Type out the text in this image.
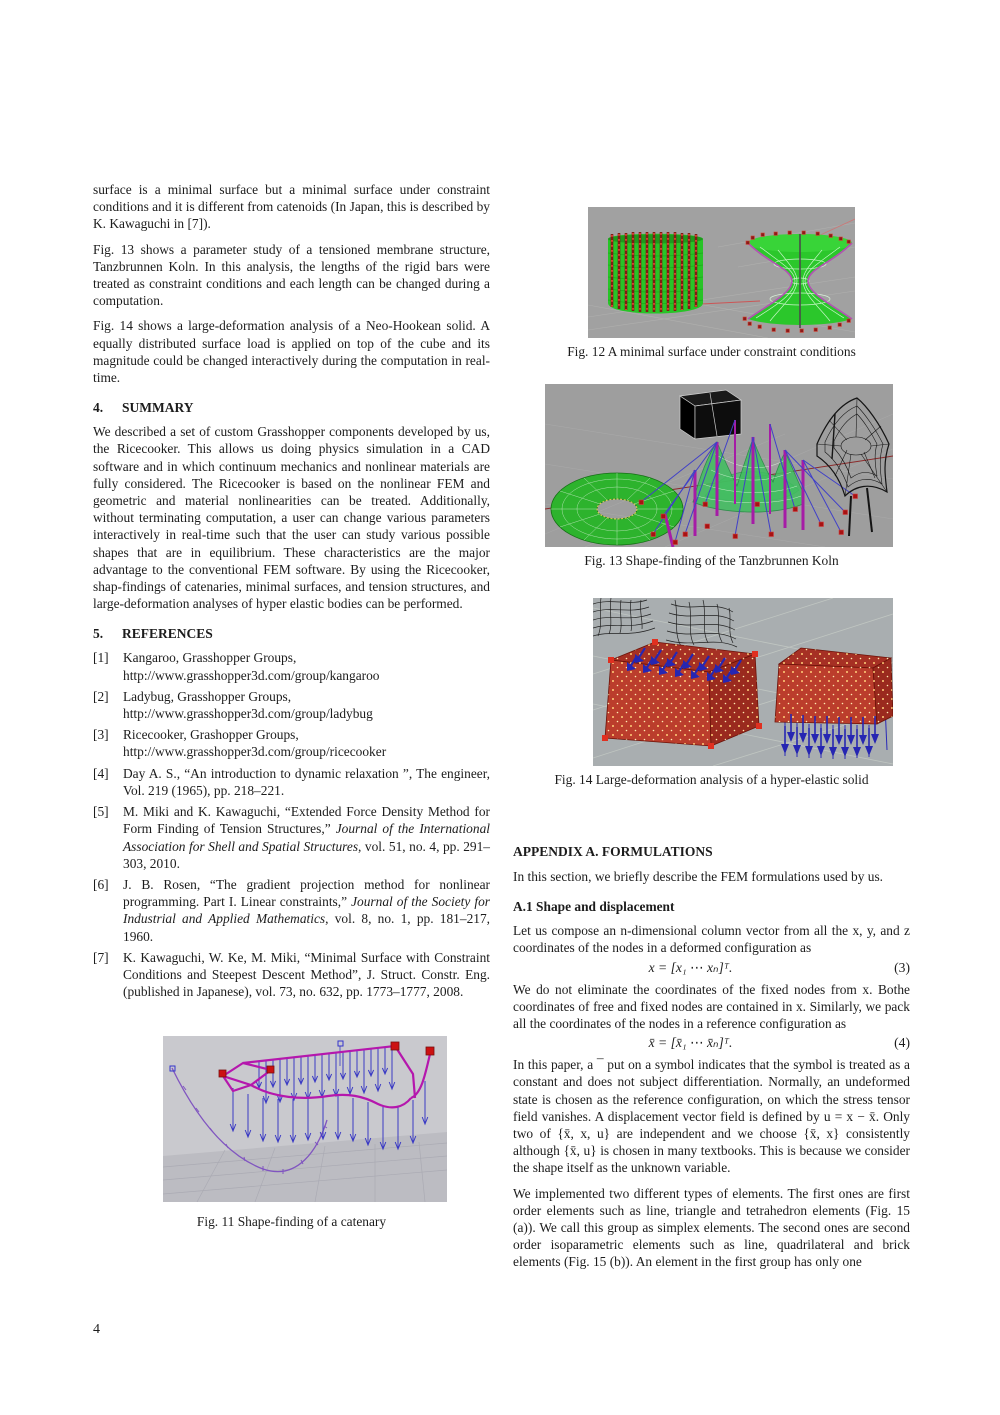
surface is a minimal surface but a minimal surface under constraint conditions and it is different from catenoids (In Japan, this is described by K. Kawaguchi in [7]).

Fig. 13 shows a parameter study of a tensioned membrane structure, Tanzbrunnen Koln. In this analysis, the lengths of the rigid bars were treated as constraint conditions and each length can be changed during a computation.

Fig. 14 shows a large-deformation analysis of a Neo-Hookean solid. A equally distributed surface load is applied on top of the cube and its magnitude could be changed interactively during the computation in real-time.

4. SUMMARY

We described a set of custom Grasshopper components developed by us, the Ricecooker. This allows us doing physics simulation in a CAD software and in which continuum mechanics and nonlinear materials are fully considered. The Ricecooker is based on the nonlinear FEM and geometric and material nonlinearities can be treated. Additionally, without terminating computation, a user can change various parameters interactively in real-time such that the user can study various possible shapes that are in equilibrium. These characteristics are the major advantage to the conventional FEM software. By using the Ricecooker, shap-findings of catenaries, minimal surfaces, and tension structures, and large-deformation analyses of hyper elastic bodies can be performed.

5. REFERENCES
[1]	Kangaroo, Grasshopper Groups,
http://www.grasshopper3d.com/group/kangaroo
[2]	Ladybug, Grasshopper Groups,
http://www.grasshopper3d.com/group/ladybug
[3]	Ricecooker, Grashopper Groups,
http://www.grasshopper3d.com/group/ricecooker
[4]	Day A. S., “An introduction to dynamic relaxation ”, The engineer, Vol. 219 (1965), pp. 218–221.
[5]	M. Miki and K. Kawaguchi, “Extended Force Density Method for Form Finding of Tension Structures,” Journal of the International Association for Shell and Spatial Structures, vol. 51, no. 4, pp. 291–303, 2010.
[6]	J. B. Rosen, “The gradient projection method for nonlinear programming. Part I. Linear constraints,” Journal of the Society for Industrial and Applied Mathematics, vol. 8, no. 1, pp. 181–217, 1960.
[7]	K. Kawaguchi, W. Ke, M. Miki, “Minimal Surface with Constraint Conditions and Steepest Descent Method”, J. Struct. Constr. Eng. (published in Japanese), vol. 73, no. 632, pp. 1773–1777, 2008.

Fig. 11 Shape-finding of a catenary

Fig. 12 A minimal surface under constraint conditions

Fig. 13 Shape-finding of the Tanzbrunnen Koln

Fig. 14 Large-deformation analysis of a hyper-elastic solid

APPENDIX A. FORMULATIONS

In this section, we briefly describe the FEM formulations used by us.

A.1 Shape and displacement

Let us compose an n-dimensional column vector from all the x, y, and z coordinates of the nodes in a deformed configuration as

x = [x₁ ⋯ xₙ]ᵀ.	(3)

We do not eliminate the coordinates of the fixed nodes from x. Bothe coordinates of free and fixed nodes are contained in x. Similarly, we pack all the coordinates of the nodes in a reference configuration as

x̄ = [x̄₁ ⋯ x̄ₙ]ᵀ.	(4)

In this paper, a ¯ put on a symbol indicates that the symbol is treated as a constant and does not subject differentiation. Normally, an undeformed state is chosen as the reference configuration, on which the stress tensor field vanishes. A displacement vector field is defined by u = x − x̄. Only two of {x̄, x, u} are independent and we choose {x̄, x} consistently although {x̄, u} is chosen in many textbooks. This is because we consider the shape itself as the unknown variable.

We implemented two different types of elements. The first ones are first order elements such as line, triangle and tetrahedron elements (Fig. 15 (a)). We call this group as simplex elements. The second ones are second order isoparametric elements such as line, quadrilateral and brick elements (Fig. 15 (b)). An element in the first group has only one

4
